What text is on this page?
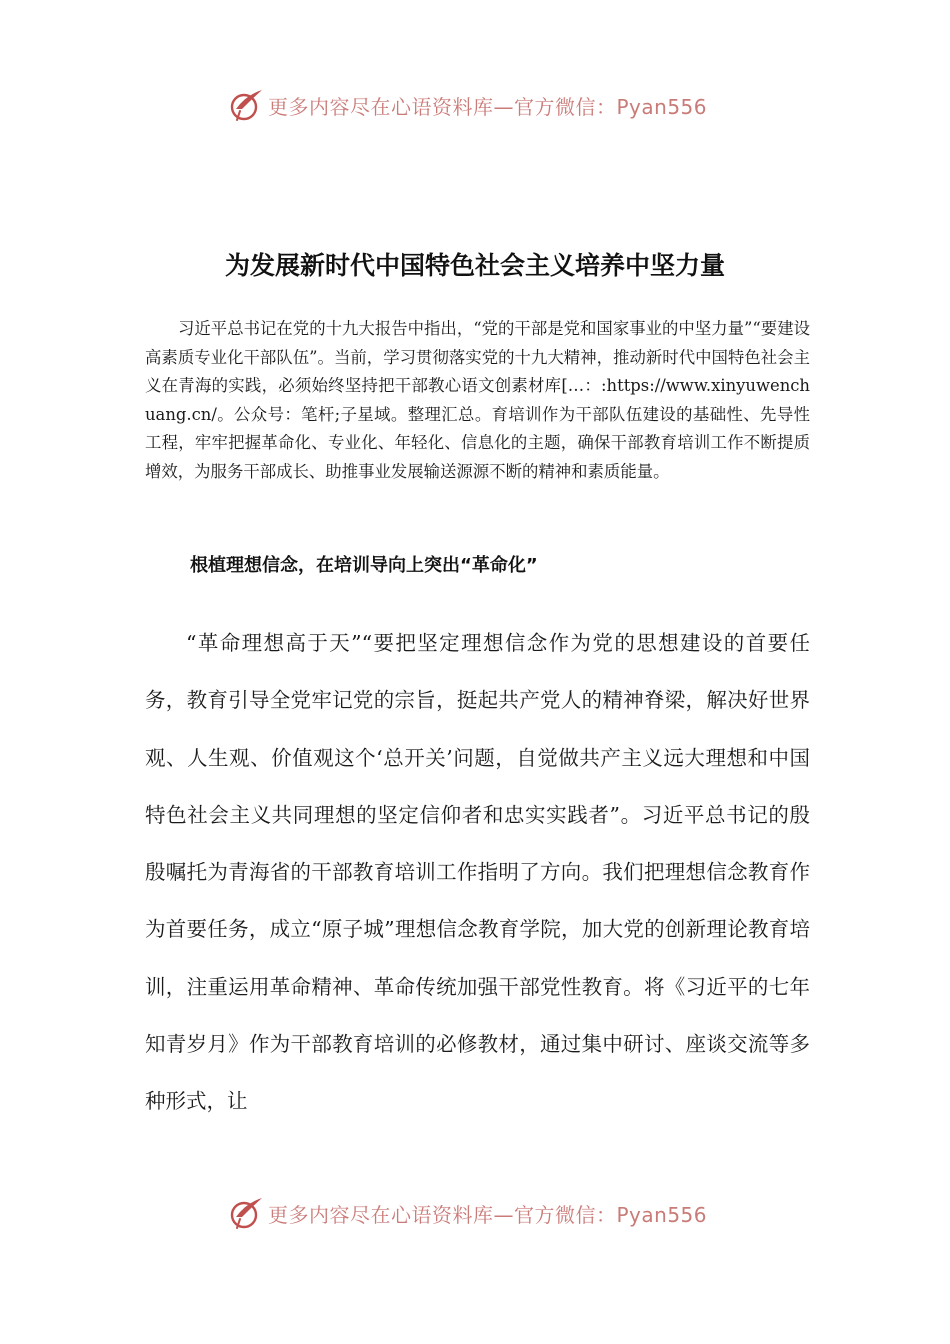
更多内容尽在心语资料库—官方微信：Pyan556
为发展新时代中国特色社会主义培养中坚力量

习近平总书记在党的十九大报告中指出，“党的干部是党和国家事业的中坚力量”“要建设高素质专业化干部队伍”。当前，学习贯彻落实党的十九大精神，推动新时代中国特色社会主义在青海的实践，必须始终坚持把干部教心语文创素材库[…：:https://www.xinyuwenchuang.cn/。公众号：笔杆;子星域。整理汇总。育培训作为干部队伍建设的基础性、先导性工程，牢牢把握革命化、专业化、年轻化、信息化的主题，确保干部教育培训工作不断提质增效，为服务干部成长、助推事业发展输送源源不断的精神和素质能量。

根植理想信念，在培训导向上突出“革命化”

“革命理想高于天”“要把坚定理想信念作为党的思想建设的首要任务，教育引导全党牢记党的宗旨，挺起共产党人的精神脊梁，解决好世界观、人生观、价值观这个‘总开关’问题，自觉做共产主义远大理想和中国特色社会主义共同理想的坚定信仰者和忠实实践者”。习近平总书记的殷殷嘱托为青海省的干部教育培训工作指明了方向。我们把理想信念教育作为首要任务，成立“原子城”理想信念教育学院，加大党的创新理论教育培训，注重运用革命精神、革命传统加强干部党性教育。将《习近平的七年知青岁月》作为干部教育培训的必修教材，通过集中研讨、座谈交流等多种形式，让

更多内容尽在心语资料库—官方微信：Pyan556
